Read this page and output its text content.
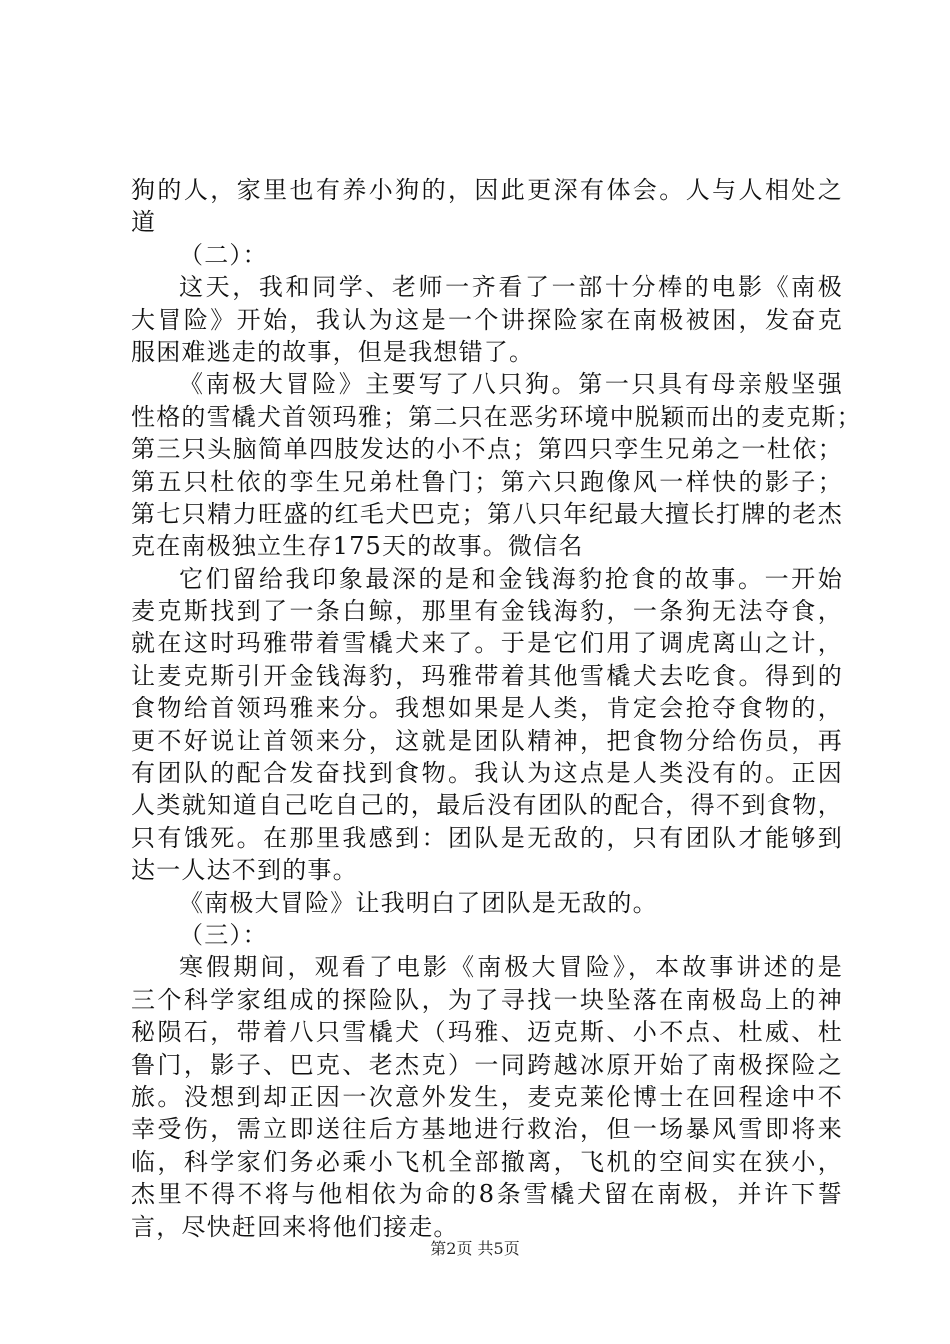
狗的人，家里也有养小狗的，因此更深有体会。人与人相处之
道
（二）：
这天，我和同学、老师一齐看了一部十分棒的电影《南极
大冒险》开始，我认为这是一个讲探险家在南极被困，发奋克
服困难逃走的故事，但是我想错了。
《南极大冒险》主要写了八只狗。第一只具有母亲般坚强
性格的雪橇犬首领玛雅；第二只在恶劣环境中脱颖而出的麦克斯；
第三只头脑简单四肢发达的小不点；第四只孪生兄弟之一杜依；
第五只杜依的孪生兄弟杜鲁门；第六只跑像风一样快的影子；
第七只精力旺盛的红毛犬巴克；第八只年纪最大擅长打牌的老杰
克在南极独立生存175天的故事。微信名
它们留给我印象最深的是和金钱海豹抢食的故事。一开始
麦克斯找到了一条白鲸，那里有金钱海豹，一条狗无法夺食，
就在这时玛雅带着雪橇犬来了。于是它们用了调虎离山之计，
让麦克斯引开金钱海豹，玛雅带着其他雪橇犬去吃食。得到的
食物给首领玛雅来分。我想如果是人类，肯定会抢夺食物的，
更不好说让首领来分，这就是团队精神，把食物分给伤员，再
有团队的配合发奋找到食物。我认为这点是人类没有的。正因
人类就知道自己吃自己的，最后没有团队的配合，得不到食物，
只有饿死。在那里我感到：团队是无敌的，只有团队才能够到
达一人达不到的事。
《南极大冒险》让我明白了团队是无敌的。
（三）：
寒假期间，观看了电影《南极大冒险》，本故事讲述的是
三个科学家组成的探险队，为了寻找一块坠落在南极岛上的神
秘陨石，带着八只雪橇犬（玛雅、迈克斯、小不点、杜威、杜
鲁门，影子、巴克、老杰克）一同跨越冰原开始了南极探险之
旅。没想到却正因一次意外发生，麦克莱伦博士在回程途中不
幸受伤，需立即送往后方基地进行救治，但一场暴风雪即将来
临，科学家们务必乘小飞机全部撤离，飞机的空间实在狭小，
杰里不得不将与他相依为命的8条雪橇犬留在南极，并许下誓
言，尽快赶回来将他们接走。
第2页 共5页
